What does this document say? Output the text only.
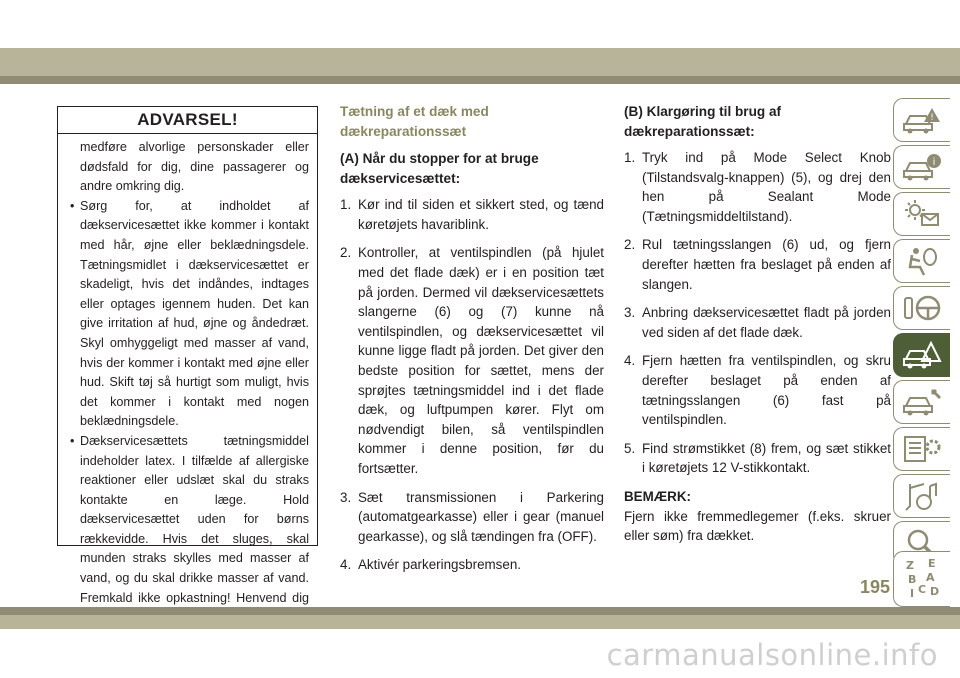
ADVARSEL!

medføre alvorlige personskader eller dødsfald for dig, dine passagerer og andre omkring dig.

• Sørg for, at indholdet af dækservicesættet ikke kommer i kontakt med hår, øjne eller beklædningsdele. Tætningsmidlet i dækservicesættet er skadeligt, hvis det indåndes, indtages eller optages igennem huden. Det kan give irritation af hud, øjne og åndedræt. Skyl omhyggeligt med masser af vand, hvis der kommer i kontakt med øjne eller hud. Skift tøj så hurtigt som muligt, hvis det kommer i kontakt med nogen beklædningsdele.

• Dækservicesættets tætningsmiddel indeholder latex. I tilfælde af allergiske reaktioner eller udslæt skal du straks kontakte en læge. Hold dækservicesættet uden for børns rækkevidde. Hvis det sluges, skal munden straks skylles med masser af vand, og du skal drikke masser af vand. Fremkald ikke opkastning! Henvend dig

Tætning af et dæk med dækreparationssæt
(A) Når du stopper for at bruge dækservicesættet:
1. Kør ind til siden et sikkert sted, og tænd køretøjets havariblink.
2. Kontroller, at ventilspindlen (på hjulet med det flade dæk) er i en position tæt på jorden. Dermed vil dækservicesættets slangerne (6) og (7) kunne nå ventilspindlen, og dækservicesættet vil kunne ligge fladt på jorden. Det giver den bedste position for sættet, mens der sprøjtes tætningsmiddel ind i det flade dæk, og luftpumpen kører. Flyt om nødvendigt bilen, så ventilspindlen kommer i denne position, før du fortsætter.
3. Sæt transmissionen i Parkering (automatgearkasse) eller i gear (manuel gearkasse), og slå tændingen fra (OFF).
4. Aktivér parkeringsbremsen.
(B) Klargøring til brug af dækreparationssæt:
1. Tryk ind på Mode Select Knob (Tilstandsvalg-knappen) (5), og drej den hen på Sealant Mode (Tætningsmiddeltilstand).
2. Rul tætningsslangen (6) ud, og fjern derefter hætten fra beslaget på enden af slangen.
3. Anbring dækservicesættet fladt på jorden ved siden af det flade dæk.
4. Fjern hætten fra ventilspindlen, og skru derefter beslaget på enden af tætningsslangen (6) fast på ventilspindlen.
5. Find strømstikket (8) frem, og sæt stikket i køretøjets 12 V-stikkontakt.
BEMÆRK:
Fjern ikke fremmedlegemer (f.eks. skruer eller søm) fra dækket.
!
i
Z E
B A
C D
I
195
carmanualsonline.info
